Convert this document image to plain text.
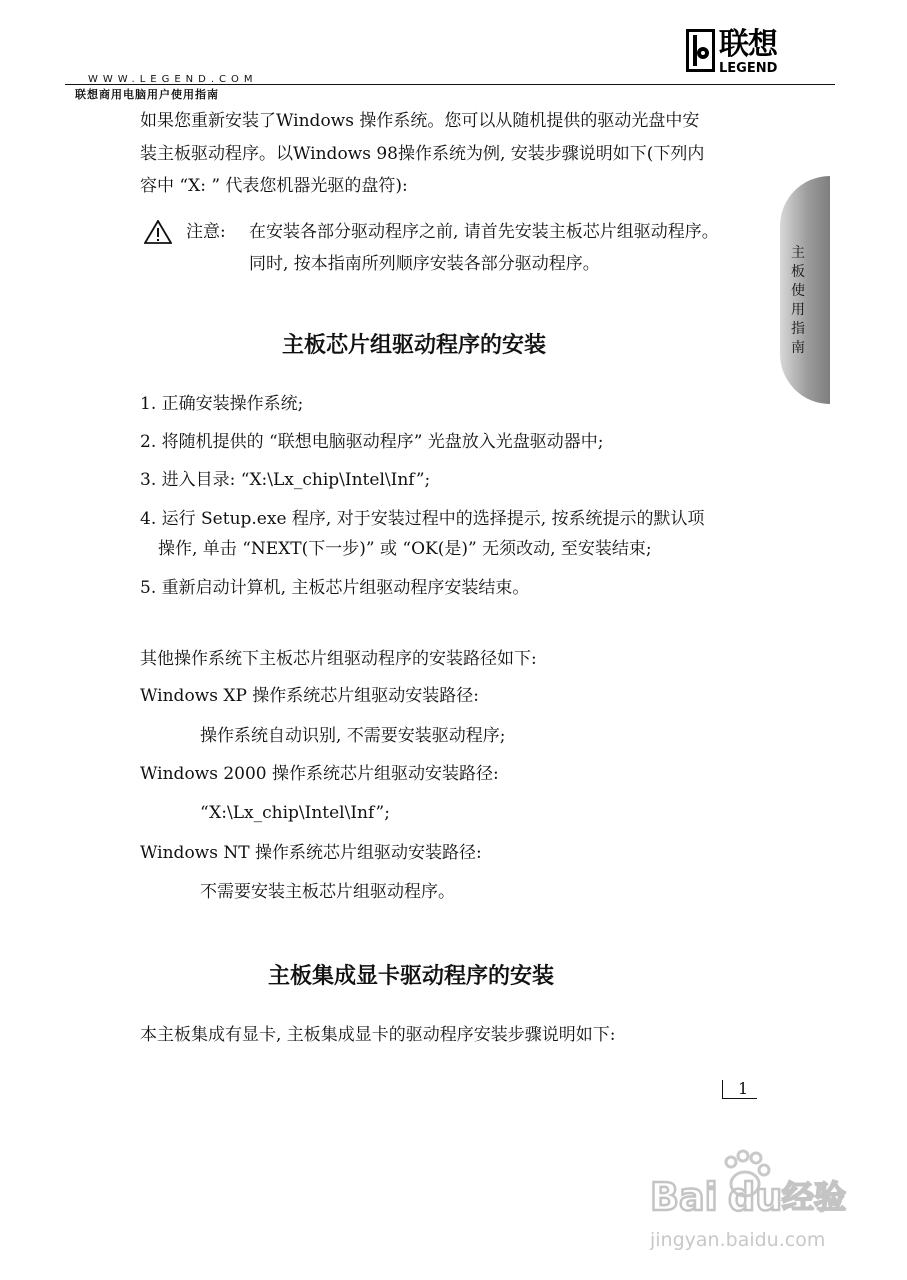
WWW.LEGEND.COM
联想商用电脑用户使用指南
联想
LEGEND
主板使用指南
如果您重新安装了Windows 操作系统。您可以从随机提供的驱动光盘中安
装主板驱动程序。以Windows 98操作系统为例, 安装步骤说明如下(下列内
容中 “X: ” 代表您机器光驱的盘符):
注意: 在安装各部分驱动程序之前, 请首先安装主板芯片组驱动程序。
同时, 按本指南所列顺序安装各部分驱动程序。
主板芯片组驱动程序的安装
1. 正确安装操作系统;
2. 将随机提供的 “联想电脑驱动程序” 光盘放入光盘驱动器中;
3. 进入目录: “X:\Lx_chip\Intel\Inf”;
4. 运行 Setup.exe 程序, 对于安装过程中的选择提示, 按系统提示的默认项
操作, 单击 “NEXT(下一步)” 或 “OK(是)” 无须改动, 至安装结束;
5. 重新启动计算机, 主板芯片组驱动程序安装结束。
其他操作系统下主板芯片组驱动程序的安装路径如下:
Windows XP 操作系统芯片组驱动安装路径:
操作系统自动识别, 不需要安装驱动程序;
Windows 2000 操作系统芯片组驱动安装路径:
“X:\Lx_chip\Intel\Inf”;
Windows NT 操作系统芯片组驱动安装路径:
不需要安装主板芯片组驱动程序。
主板集成显卡驱动程序的安装
本主板集成有显卡, 主板集成显卡的驱动程序安装步骤说明如下:
1
Bai du 经验
jingyan.baidu.com
